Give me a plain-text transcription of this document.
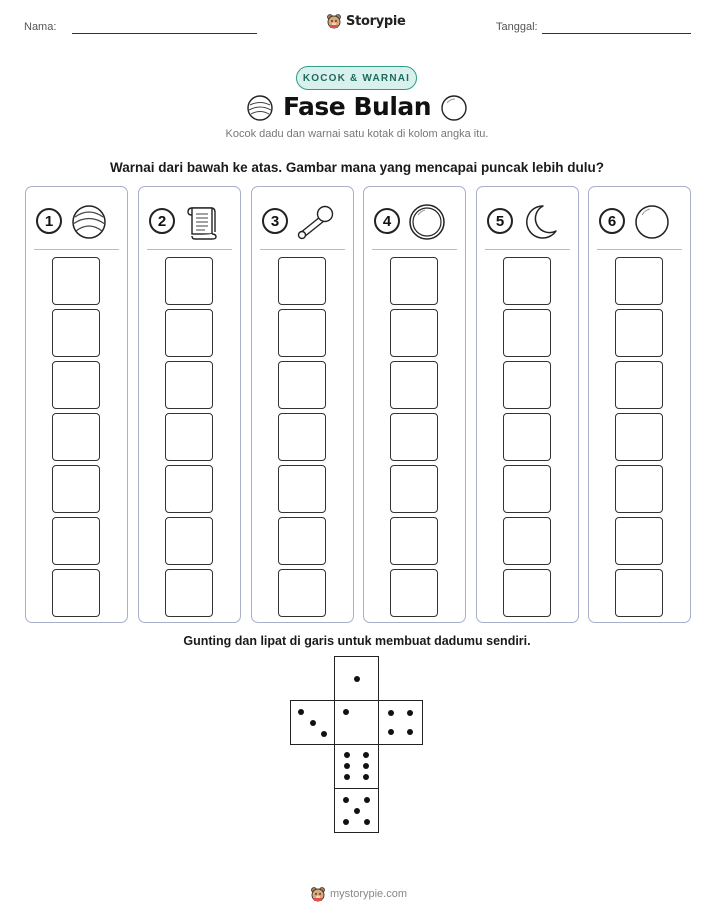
Nama:	Storypie	Tanggal:
KOCOK & WARNAI
Fase Bulan
Kocok dadu dan warnai satu kotak di kolom angka itu.
Warnai dari bawah ke atas. Gambar mana yang mencapai puncak lebih dulu?
1	2	3	4	5	6
Gunting dan lipat di garis untuk membuat dadumu sendiri.
mystorypie.com
